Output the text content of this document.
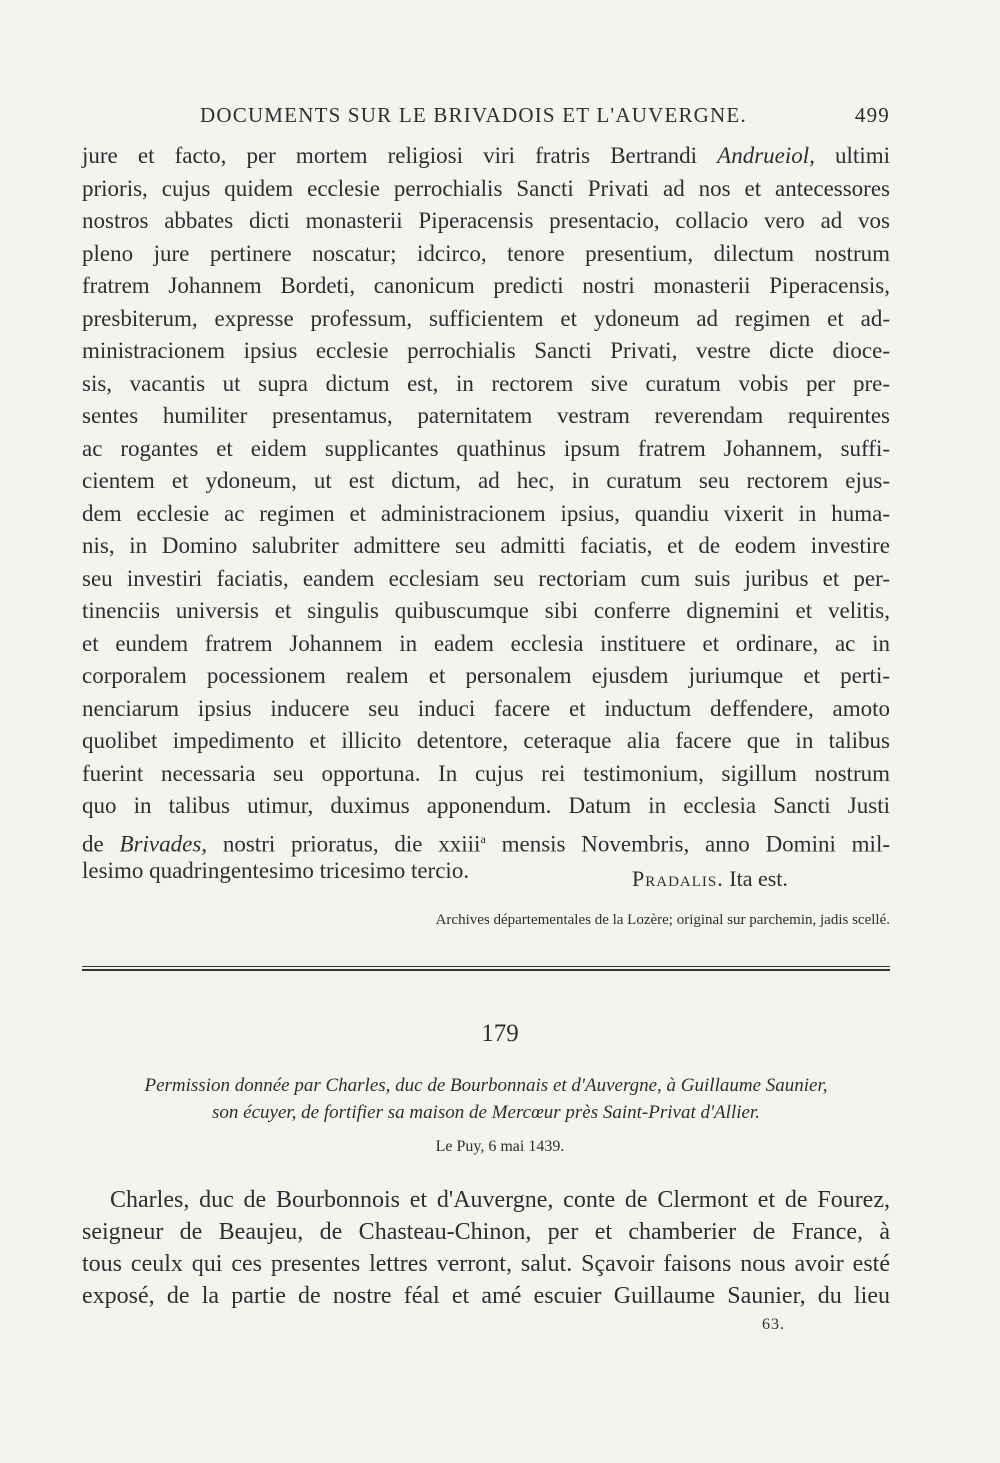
DOCUMENTS SUR LE BRIVADOIS ET L'AUVERGNE.	499
jure et facto, per mortem religiosi viri fratris Bertrandi Andrueiol, ultimi
prioris, cujus quidem ecclesie perrochialis Sancti Privati ad nos et antecessores
nostros abbates dicti monasterii Piperacensis presentacio, collacio vero ad vos
pleno jure pertinere noscatur; idcirco, tenore presentium, dilectum nostrum
fratrem Johannem Bordeti, canonicum predicti nostri monasterii Piperacensis,
presbiterum, expresse professum, sufficientem et ydoneum ad regimen et ad-
ministracionem ipsius ecclesie perrochialis Sancti Privati, vestre dicte dioce-
sis, vacantis ut supra dictum est, in rectorem sive curatum vobis per pre-
sentes humiliter presentamus, paternitatem vestram reverendam requirentes
ac rogantes et eidem supplicantes quathinus ipsum fratrem Johannem, suffi-
cientem et ydoneum, ut est dictum, ad hec, in curatum seu rectorem ejus-
dem ecclesie ac regimen et administracionem ipsius, quandiu vixerit in huma-
nis, in Domino salubriter admittere seu admitti faciatis, et de eodem investire
seu investiri faciatis, eandem ecclesiam seu rectoriam cum suis juribus et per-
tinenciis universis et singulis quibuscumque sibi conferre dignemini et velitis,
et eundem fratrem Johannem in eadem ecclesia instituere et ordinare, ac in
corporalem pocessionem realem et personalem ejusdem juriumque et perti-
nenciarum ipsius inducere seu induci facere et inductum deffendere, amoto
quolibet impedimento et illicito detentore, ceteraque alia facere que in talibus
fuerint necessaria seu opportuna. In cujus rei testimonium, sigillum nostrum
quo in talibus utimur, duximus apponendum. Datum in ecclesia Sancti Justi
de Brivades, nostri prioratus, die xxiii$^a$ mensis Novembris, anno Domini mil-
lesimo quadringentesimo tricesimo tercio.	Pradalis. Ita est.
Archives départementales de la Lozère; original sur parchemin, jadis scellé.
179
Permission donnée par Charles, duc de Bourbonnais et d'Auvergne, à Guillaume Saunier,
son écuyer, de fortifier sa maison de Mercœur près Saint-Privat d'Allier.
Le Puy, 6 mai 1439.
Charles, duc de Bourbonnois et d'Auvergne, conte de Clermont et de Fourez,
seigneur de Beaujeu, de Chasteau-Chinon, per et chamberier de France, à
tous ceulx qui ces presentes lettres verront, salut. Sçavoir faisons nous avoir esté
exposé, de la partie de nostre féal et amé escuier Guillaume Saunier, du lieu
63.
